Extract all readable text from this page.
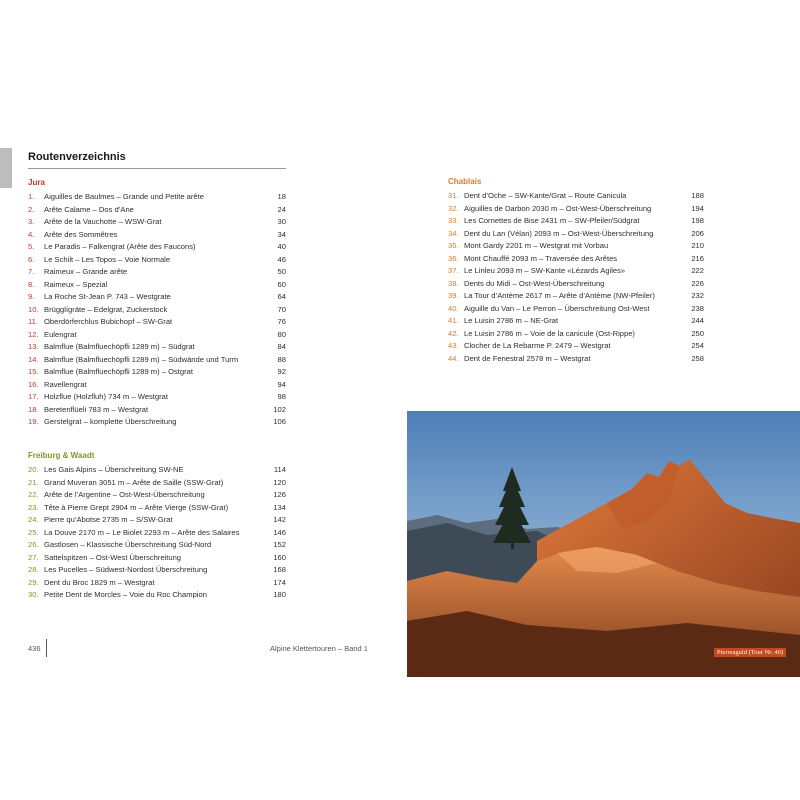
Routenverzeichnis
Jura
1.	Aiguilles de Baulmes – Grande und Petite arête	18
2.	Arête Calame – Dos d’Ane	24
3.	Arête de la Vauchotte – WSW-Grat	30
4.	Arête des Sommêtres	34
5.	Le Paradis – Falkengrat (Arête des Faucons)	40
6.	Le Schilt – Les Topos – Voie Normale	46
7.	Raimeux – Grande arête	50
8.	Raimeux – Spezial	60
9.	La Roche St-Jean P. 743 – Westgrate	64
10. Brügglígräte – Edelgrat, Zuckerstock	70
11. Oberdörferchlus Bubichopf – SW-Grat	76
12. Eulengrat	80
13. Balmflue (Balmfluechöpfli 1289 m) – Südgrat	84
14. Balmflue (Balmfluechöpfli 1289 m) – Südwände und Turm	88
15. Balmflue (Balmfluechöpfli 1289 m) – Ostgrat	92
16. Ravellengrat	94
17. Holzflue (Holzfluh) 734 m – Westgrat	98
18. Beretenflüeli 783 m – Westgrat	102
19. Gerstelgrat – komplette Überschreitung	106
Freiburg & Waadt
20. Les Gais Alpins – Überschreitung SW-NE	114
21. Grand Muveran 3051 m – Arête de Saille (SSW-Grat)	120
22. Arête de l’Argentine – Ost-West-Überschreitung	126
23. Tête à Pierre Grept 2904 m – Arête Vierge (SSW-Grat)	134
24. Pierre qu’Abotse 2735 m – S/SW-Grat	142
25. La Douve 2170 m – Le Biolet 2293 m – Arête des Salaires	146
26. Gastlosen – Klassische Überschreitung Süd-Nord	152
27. Sattelspitzen – Ost-West Überschreitung	160
28. Les Pucelles – Südwest-Nordost Überschreitung	168
29. Dent du Broc 1829 m – Westgrat	174
30. Petite Dent de Morcles – Voie du Roc Champion	180
Chablais
31. Dent d’Oche – SW-Kante/Grat – Route Canicula	188
32. Aiguilles de Darbon 2030 m – Ost-West-Überschreitung	194
33. Les Cornettes de Bise 2431 m – SW-Pfeiler/Südgrat	198
34. Dent du Lan (Vélan) 2093 m – Ost-West-Überschreitung	206
35. Mont Gardy 2201 m – Westgrat mit Vorbau	210
36. Mont Chauffé 2093 m – Traversée des Arêtes	216
37. Le Linleu 2093 m – SW-Kante «Lézards Agiles»	222
38. Dents du Midi – Ost-West-Überschreitung	226
39. La Tour d’Antème 2617 m – Arête d’Antème (NW-Pfeiler)	232
40. Aiguille du Van – Le Perron – Überschreitung Ost-West	238
41. Le Luisin 2786 m – NE-Grat	244
42. Le Luisin 2786 m – Voie de la canicule (Ost-Rippe)	250
43. Clocher de La Rebarme P. 2479 – Westgrat	254
44. Dent de Fenestral 2578 m – Westgrat	258
436	Alpine Klettertouren – Band 1	Pierreaguld (Tour Nr. 40)
